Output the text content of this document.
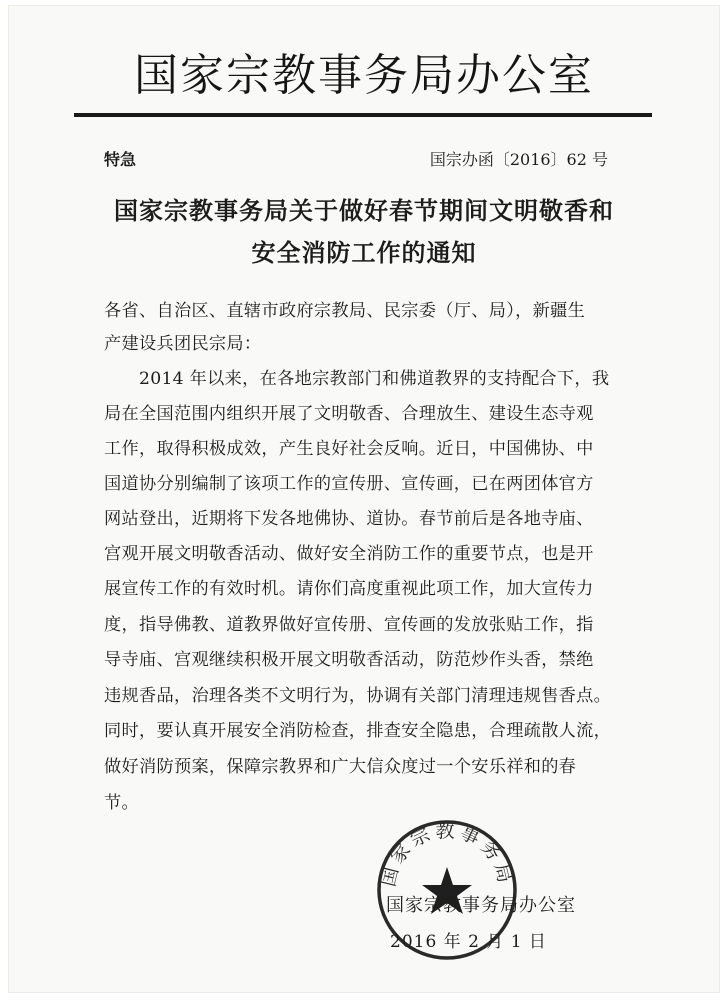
国家宗教事务局办公室
特急	国宗办函〔2016〕62 号
国家宗教事务局关于做好春节期间文明敬香和
安全消防工作的通知
各省、自治区、直辖市政府宗教局、民宗委（厅、局），新疆生
产建设兵团民宗局：
　　2014 年以来，在各地宗教部门和佛道教界的支持配合下，我
局在全国范围内组织开展了文明敬香、合理放生、建设生态寺观
工作，取得积极成效，产生良好社会反响。近日，中国佛协、中
国道协分别编制了该项工作的宣传册、宣传画，已在两团体官方
网站登出，近期将下发各地佛协、道协。春节前后是各地寺庙、
宫观开展文明敬香活动、做好安全消防工作的重要节点，也是开
展宣传工作的有效时机。请你们高度重视此项工作，加大宣传力
度，指导佛教、道教界做好宣传册、宣传画的发放张贴工作，指
导寺庙、宫观继续积极开展文明敬香活动，防范炒作头香，禁绝
违规香品，治理各类不文明行为，协调有关部门清理违规售香点。
同时，要认真开展安全消防检查，排查安全隐患，合理疏散人流，
做好消防预案，保障宗教界和广大信众度过一个安乐祥和的春
节。
国家宗教事务局
国家宗教事务局办公室
2016 年 2 月 1 日
